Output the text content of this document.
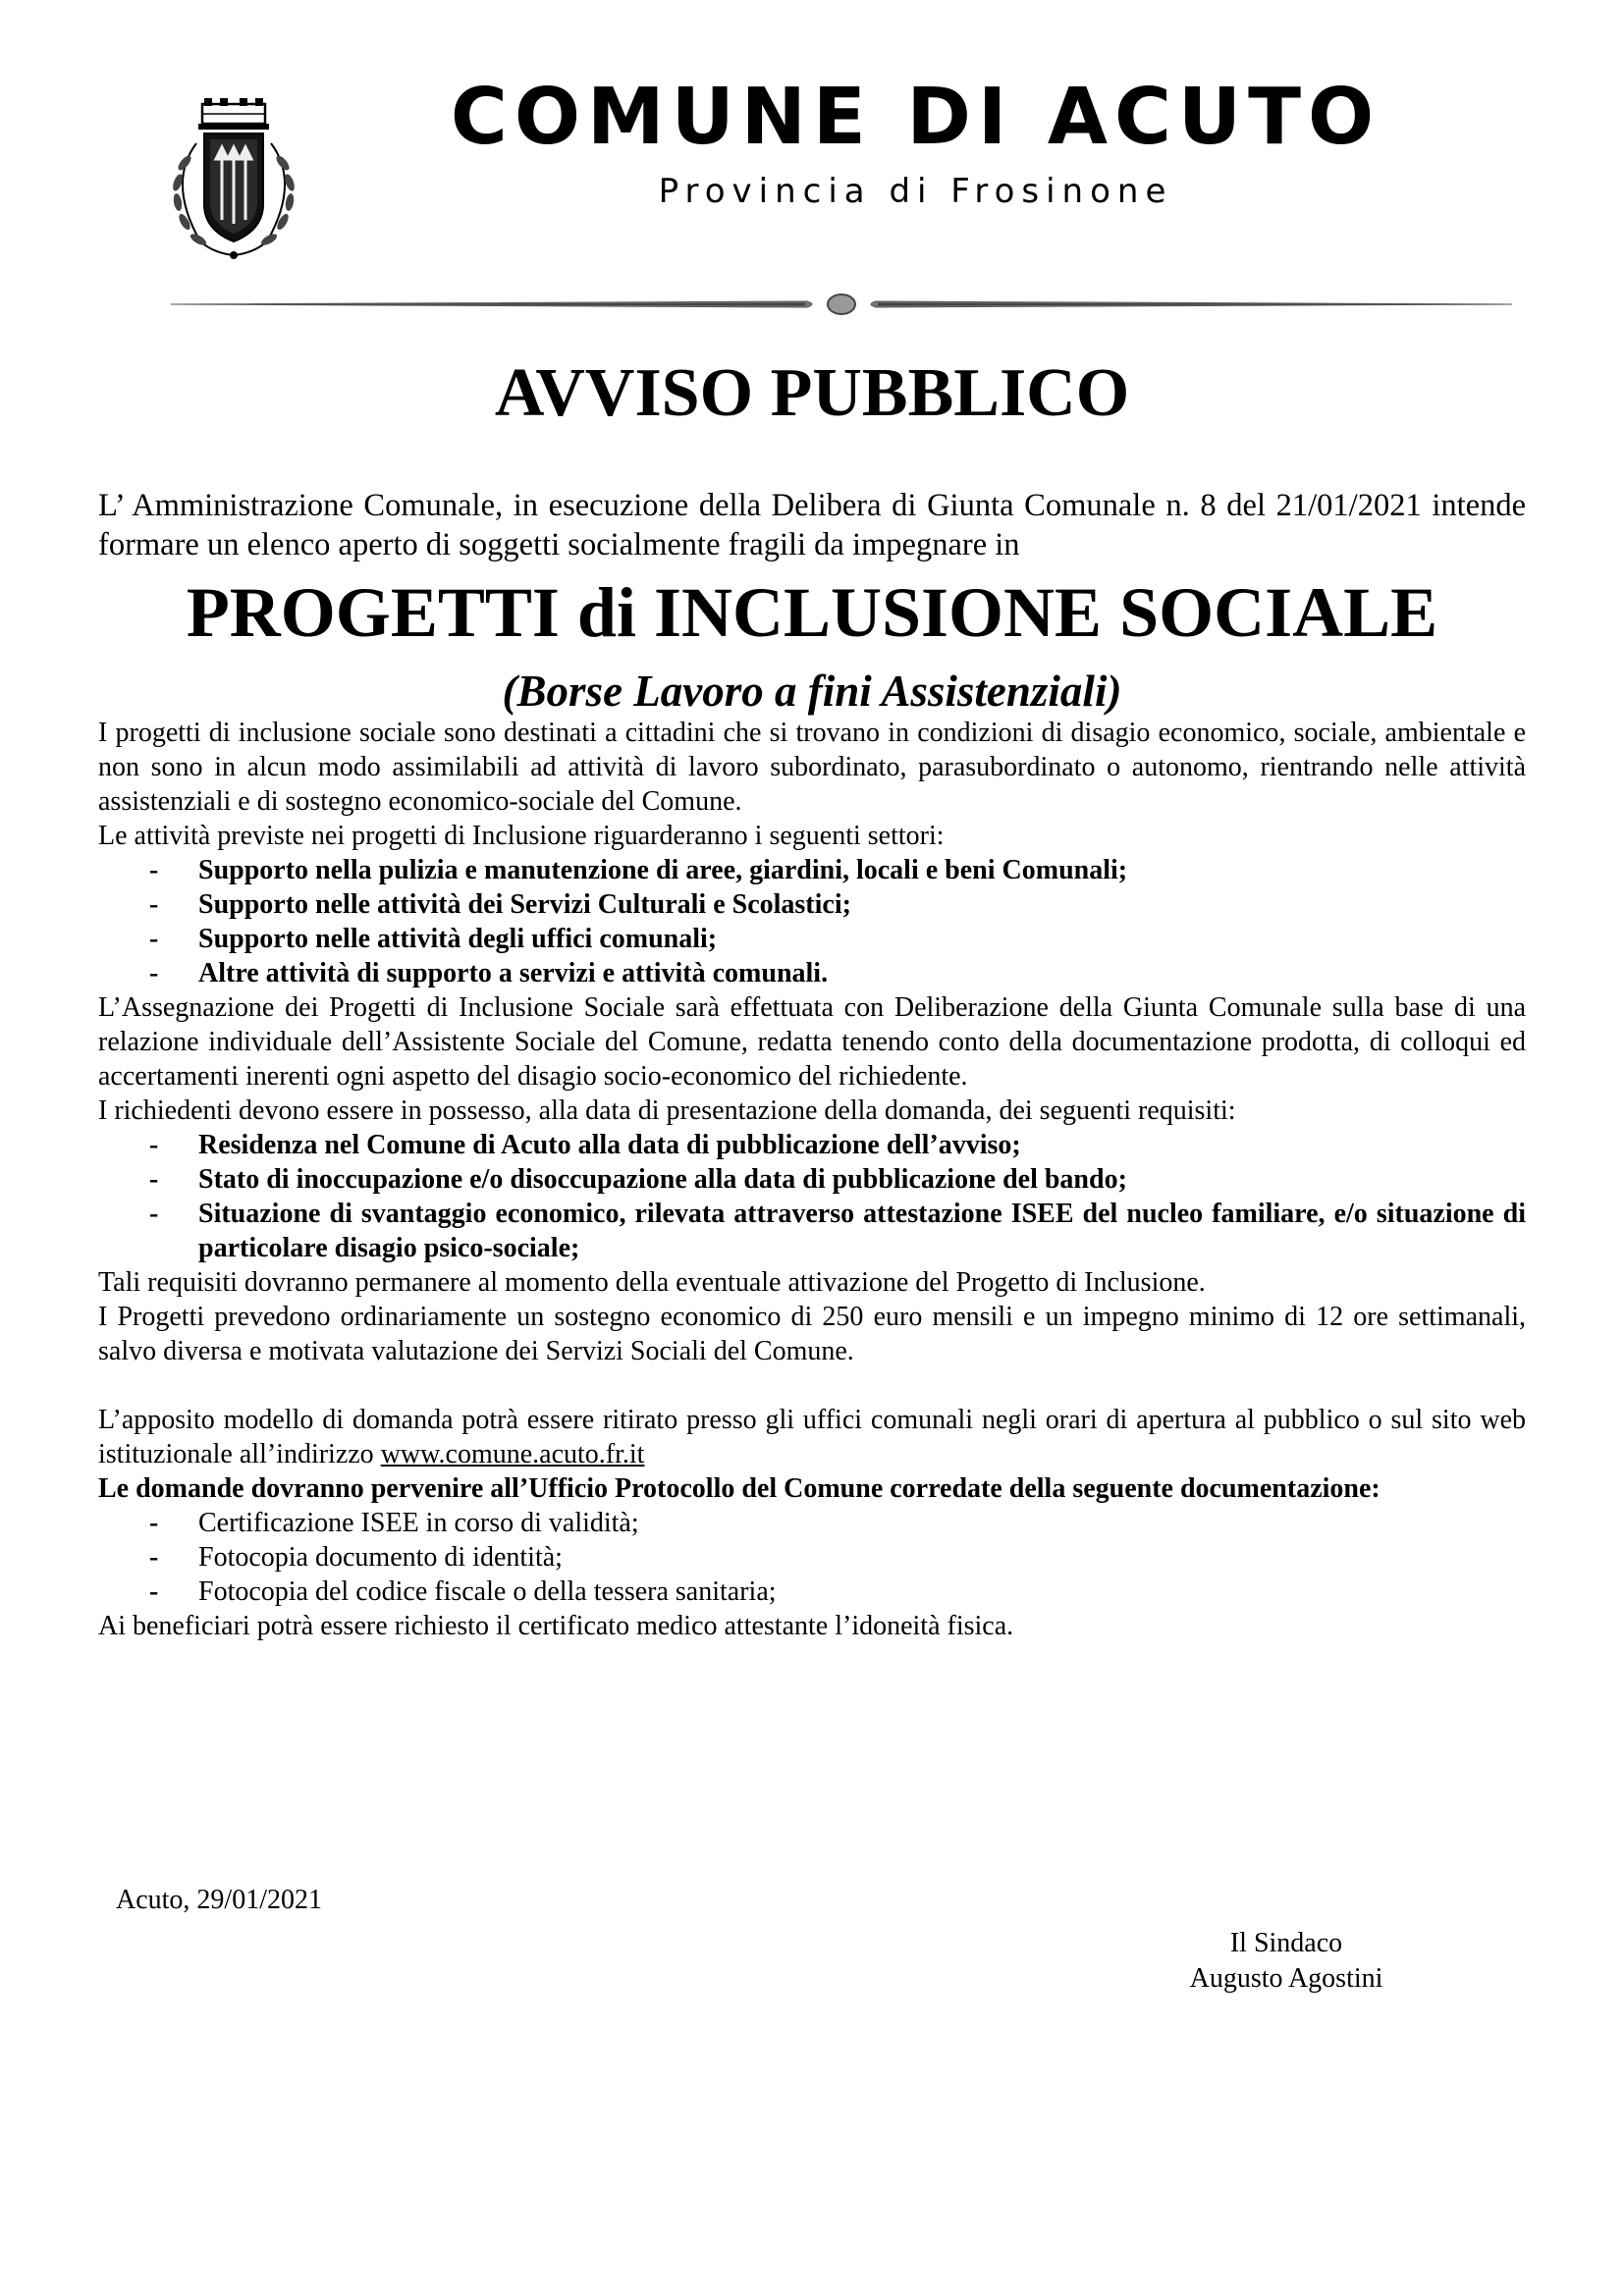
COMUNE DI ACUTO
Provincia di Frosinone
AVVISO PUBBLICO

L’ Amministrazione Comunale, in esecuzione della Delibera di Giunta Comunale n. 8 del 21/01/2021 intende formare un elenco aperto di soggetti socialmente fragili da impegnare in

PROGETTI di INCLUSIONE SOCIALE
(Borse Lavoro a fini Assistenziali)

I progetti di inclusione sociale sono destinati a cittadini che si trovano in condizioni di disagio economico, sociale, ambientale e non sono in alcun modo assimilabili ad attività di lavoro subordinato, parasubordinato o autonomo, rientrando nelle attività assistenziali e di sostegno economico-sociale del Comune.

Le attività previste nei progetti di Inclusione riguarderanno i seguenti settori:

- Supporto nella pulizia e manutenzione di aree, giardini, locali e beni Comunali;
- Supporto nelle attività dei Servizi Culturali e Scolastici;
- Supporto nelle attività degli uffici comunali;
- Altre attività di supporto a servizi e attività comunali.

L’Assegnazione dei Progetti di Inclusione Sociale sarà effettuata con Deliberazione della Giunta Comunale sulla base di una relazione individuale dell’Assistente Sociale del Comune, redatta tenendo conto della documentazione prodotta, di colloqui ed accertamenti inerenti ogni aspetto del disagio socio-economico del richiedente.

I richiedenti devono essere in possesso, alla data di presentazione della domanda, dei seguenti requisiti:

- Residenza nel Comune di Acuto alla data di pubblicazione dell’avviso;
- Stato di inoccupazione e/o disoccupazione alla data di pubblicazione del bando;
- Situazione di svantaggio economico, rilevata attraverso attestazione ISEE del nucleo familiare, e/o situazione di particolare disagio psico-sociale;

Tali requisiti dovranno permanere al momento della eventuale attivazione del Progetto di Inclusione.

I Progetti prevedono ordinariamente un sostegno economico di 250 euro mensili e un impegno minimo di 12 ore settimanali, salvo diversa e motivata valutazione dei Servizi Sociali del Comune.

L’apposito modello di domanda potrà essere ritirato presso gli uffici comunali negli orari di apertura al pubblico o sul sito web istituzionale all’indirizzo www.comune.acuto.fr.it

Le domande dovranno pervenire all’Ufficio Protocollo del Comune corredate della seguente documentazione:

- Certificazione ISEE in corso di validità;
- Fotocopia documento di identità;
- Fotocopia del codice fiscale o della tessera sanitaria;

Ai beneficiari potrà essere richiesto il certificato medico attestante l’idoneità fisica.

Acuto, 29/01/2021
Il Sindaco
Augusto Agostini
